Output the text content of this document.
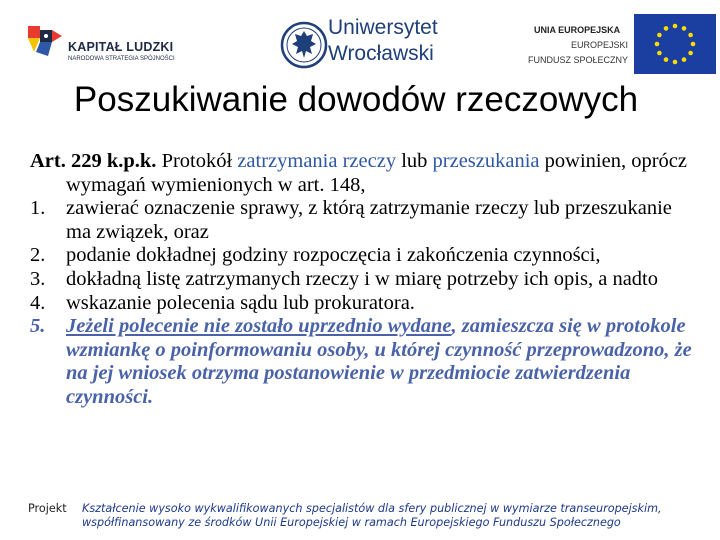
KAPITAŁ LUDZKI
NARODOWA STRATEGIA SPÓJNOŚCI
Uniwersytet
Wrocławski
UNIA EUROPEJSKA
EUROPEJSKI
FUNDUSZ SPOŁECZNY
Poszukiwanie dowodów rzeczowych

Art. 229 k.p.k. Protokół zatrzymania rzeczy lub przeszukania powinien, oprócz wymagań wymienionych w art. 148,

1. zawierać oznaczenie sprawy, z którą zatrzymanie rzeczy lub przeszukanie ma związek, oraz
2. podanie dokładnej godziny rozpoczęcia i zakończenia czynności,
3. dokładną listę zatrzymanych rzeczy i w miarę potrzeby ich opis, a nadto
4. wskazanie polecenia sądu lub prokuratora.
5. Jeżeli polecenie nie zostało uprzednio wydane, zamieszcza się w protokole wzmiankę o poinformowaniu osoby, u której czynność przeprowadzono, że na jej wniosek otrzyma postanowienie w przedmiocie zatwierdzenia czynności.
Projekt Kształcenie wysoko wykwalifikowanych specjalistów dla sfery publicznej w wymiarze transeuropejskim,
współfinansowany ze środków Unii Europejskiej w ramach Europejskiego Funduszu Społecznego
